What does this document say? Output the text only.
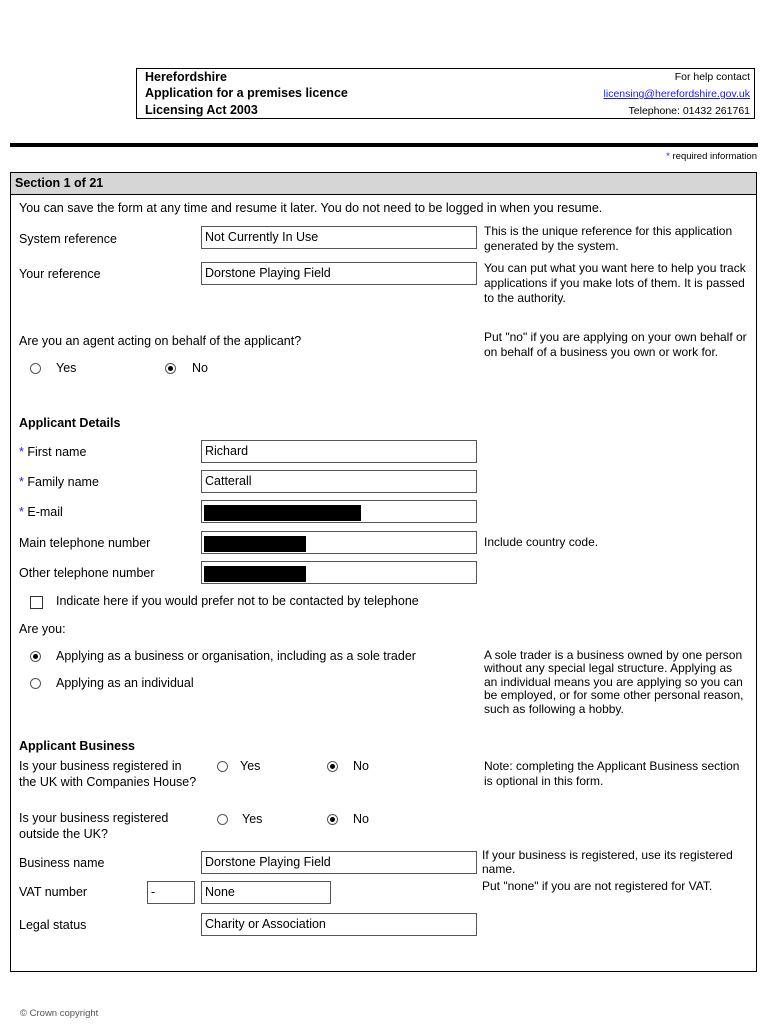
Herefordshire
Application for a premises licence
Licensing Act 2003
For help contact
licensing@herefordshire.gov.uk
Telephone: 01432 261761
* required information
Section 1 of 21
You can save the form at any time and resume it later. You do not need to be logged in when you resume.
System reference	Not Currently In Use	This is the unique reference for this application generated by the system.
Your reference	Dorstone Playing Field	You can put what you want here to help you track applications if you make lots of them. It is passed to the authority.
Are you an agent acting on behalf of the applicant?	Put "no" if you are applying on your own behalf or on behalf of a business you own or work for.
Yes	No
Applicant Details
* First name	Richard
* Family name	Catterall
* E-mail
Main telephone number	Include country code.
Other telephone number
Indicate here if you would prefer not to be contacted by telephone
Are you:
Applying as a business or organisation, including as a sole trader
Applying as an individual
A sole trader is a business owned by one person without any special legal structure. Applying as an individual means you are applying so you can be employed, or for some other personal reason, such as following a hobby.
Applicant Business
Is your business registered in the UK with Companies House?
Yes	No	Note: completing the Applicant Business section is optional in this form.
Is your business registered outside the UK?
Yes	No
Business name	Dorstone Playing Field	If your business is registered, use its registered name.
VAT number	-	None	Put "none" if you are not registered for VAT.
Legal status	Charity or Association
© Crown copyright
